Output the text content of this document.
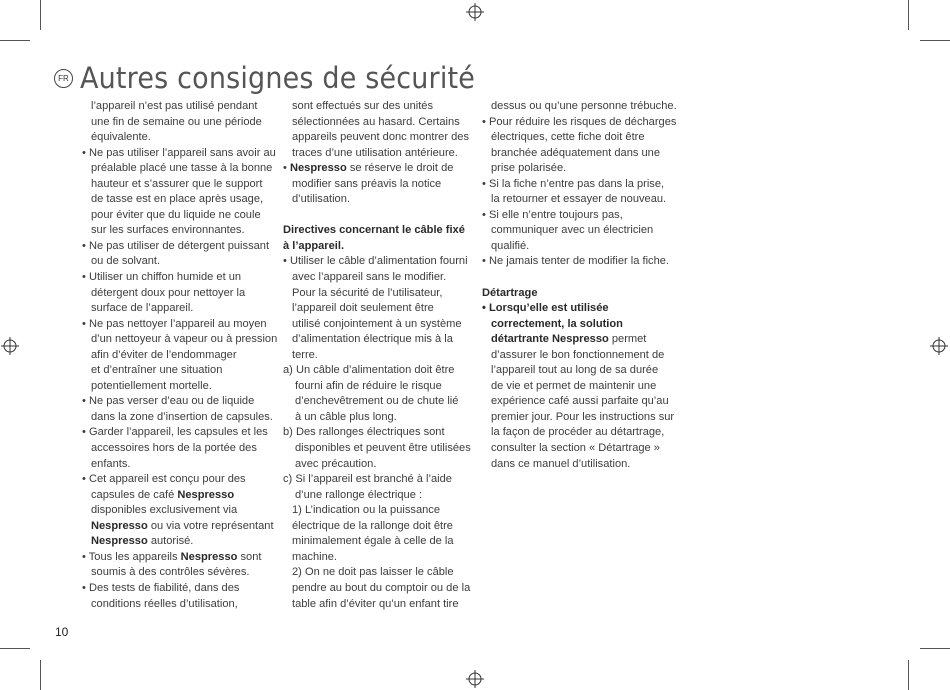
FR Autres consignes de sécurité

l’appareil n’est pas utilisé pendant

une fin de semaine ou une période

équivalente.

• Ne pas utiliser l’appareil sans avoir au

préalable placé une tasse à la bonne

hauteur et s’assurer que le support

de tasse est en place après usage,

pour éviter que du liquide ne coule

sur les surfaces environnantes.

• Ne pas utiliser de détergent puissant

ou de solvant.

• Utiliser un chiffon humide et un

détergent doux pour nettoyer la

surface de l’appareil.

• Ne pas nettoyer l’appareil au moyen

d’un nettoyeur à vapeur ou à pression

afin d’éviter de l’endommager

et d’entraîner une situation

potentiellement mortelle.

• Ne pas verser d’eau ou de liquide

dans la zone d’insertion de capsules.

• Garder l’appareil, les capsules et les

accessoires hors de la portée des

enfants.

• Cet appareil est conçu pour des

capsules de café Nespresso

disponibles exclusivement via

Nespresso ou via votre représentant

Nespresso autorisé.

• Tous les appareils Nespresso sont

soumis à des contrôles sévères.

• Des tests de fiabilité, dans des

conditions réelles d’utilisation,

sont effectués sur des unités

sélectionnées au hasard. Certains

appareils peuvent donc montrer des

traces d’une utilisation antérieure.

• Nespresso se réserve le droit de

modifier sans préavis la notice

d’utilisation.

Directives concernant le câble fixé

à l’appareil.

• Utiliser le câble d’alimentation fourni

avec l’appareil sans le modifier.

Pour la sécurité de l’utilisateur,

l’appareil doit seulement être

utilisé conjointement à un système

d’alimentation électrique mis à la

terre.

a) Un câble d’alimentation doit être

fourni afin de réduire le risque

d’enchevêtrement ou de chute lié

à un câble plus long.

b) Des rallonges électriques sont

disponibles et peuvent être utilisées

avec précaution.

c) Si l’appareil est branché à l’aide

d’une rallonge électrique :

1) L’indication ou la puissance

électrique de la rallonge doit être

minimalement égale à celle de la

machine.

2) On ne doit pas laisser le câble

pendre au bout du comptoir ou de la

table afin d’éviter qu’un enfant tire

dessus ou qu’une personne trébuche.

• Pour réduire les risques de décharges

électriques, cette fiche doit être

branchée adéquatement dans une

prise polarisée.

• Si la fiche n’entre pas dans la prise,

la retourner et essayer de nouveau.

• Si elle n’entre toujours pas,

communiquer avec un électricien

qualifié.

• Ne jamais tenter de modifier la fiche.

Détartrage

• Lorsqu’elle est utilisée

correctement, la solution

détartrante Nespresso permet

d’assurer le bon fonctionnement de

l’appareil tout au long de sa durée

de vie et permet de maintenir une

expérience café aussi parfaite qu’au

premier jour. Pour les instructions sur

la façon de procéder au détartrage,

consulter la section « Détartrage »

dans ce manuel d’utilisation.

10
